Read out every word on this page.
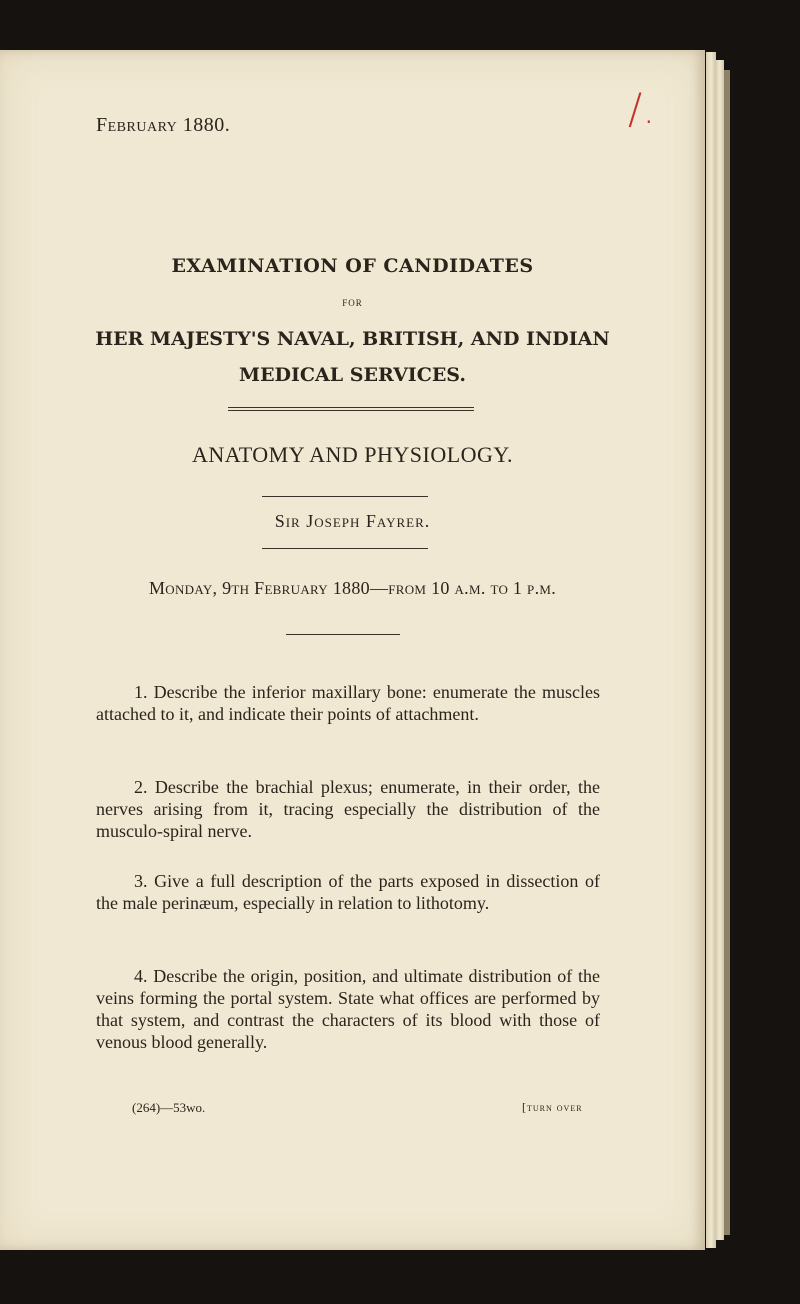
February 1880.	/.
EXAMINATION OF CANDIDATES
FOR
HER MAJESTY'S NAVAL, BRITISH, AND INDIAN
MEDICAL SERVICES.
ANATOMY AND PHYSIOLOGY.
Sir Joseph Fayrer.
Monday, 9th February 1880—from 10 a.m. to 1 p.m.

1. Describe the inferior maxillary bone: enumerate the muscles attached to it, and indicate their points of attachment.

2. Describe the brachial plexus; enumerate, in their order, the nerves arising from it, tracing especially the distribution of the musculo-spiral nerve.

3. Give a full description of the parts exposed in dissection of the male perinæum, especially in relation to lithotomy.

4. Describe the origin, position, and ultimate distribution of the veins forming the portal system. State what offices are performed by that system, and contrast the characters of its blood with those of venous blood generally.

(264)—53wo.	[turn over
